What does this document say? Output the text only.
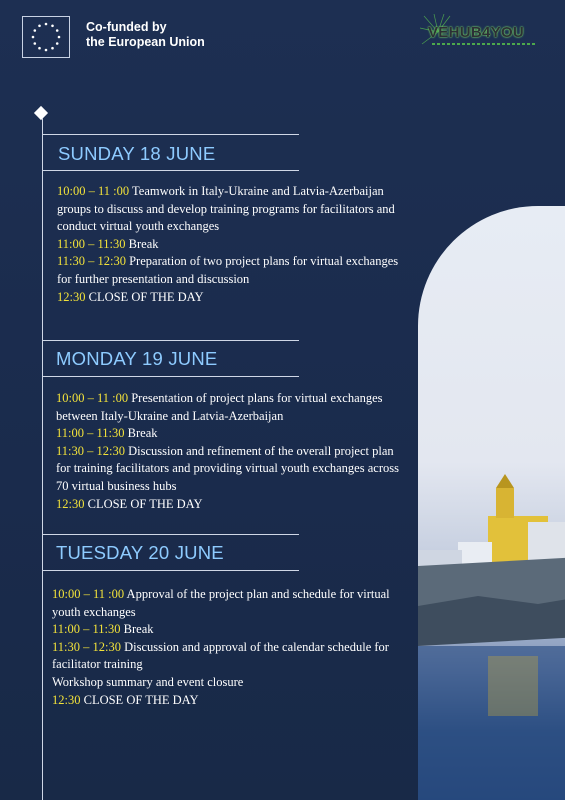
Co-funded by
the European Union
VEHUB4YOU
SUNDAY 18 JUNE

10:00 – 11 :00 Teamwork in Italy-Ukraine and Latvia-Azerbaijan groups to discuss and develop training programs for facilitators and conduct virtual youth exchanges

11:00 – 11:30 Break

11:30 – 12:30 Preparation of two project plans for virtual exchanges for further presentation and discussion

12:30 CLOSE OF THE DAY

MONDAY 19 JUNE

10:00 – 11 :00 Presentation of project plans for virtual exchanges between Italy-Ukraine and Latvia-Azerbaijan

11:00 – 11:30 Break

11:30 – 12:30 Discussion and refinement of the overall project plan for training facilitators and providing virtual youth exchanges across 70 virtual business hubs

12:30 CLOSE OF THE DAY

TUESDAY 20 JUNE

10:00 – 11 :00 Approval of the project plan and schedule for virtual youth exchanges

11:00 – 11:30 Break

11:30 – 12:30 Discussion and approval of the calendar schedule for facilitator training

Workshop summary and event closure

12:30 CLOSE OF THE DAY
